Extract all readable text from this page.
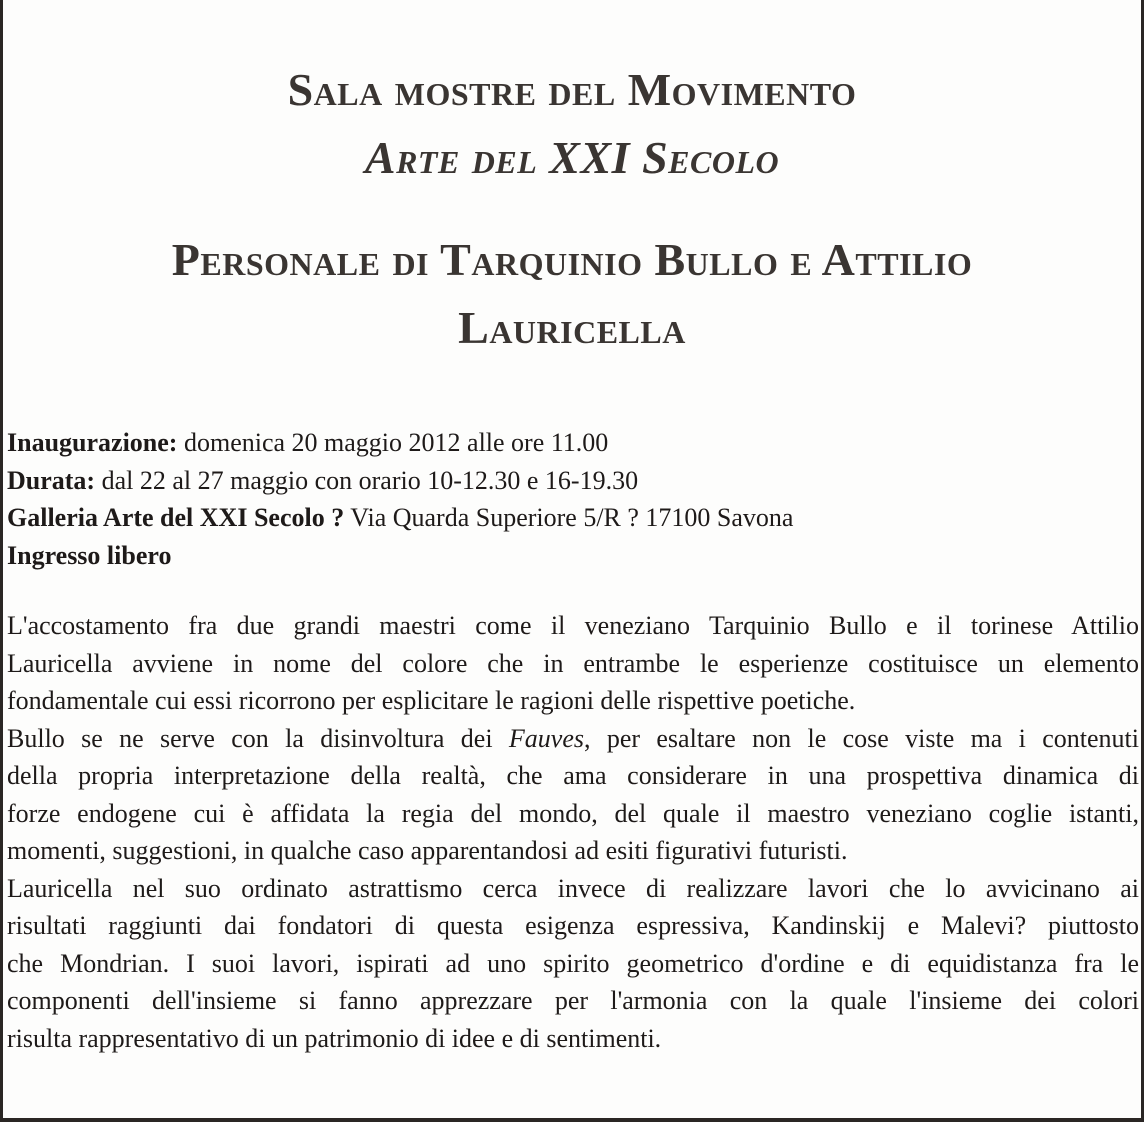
Sala mostre del Movimento
Arte del XXI Secolo
Personale di Tarquinio Bullo e Attilio
Lauricella
Inaugurazione: domenica 20 maggio 2012 alle ore 11.00
Durata: dal 22 al 27 maggio con orario 10-12.30 e 16-19.30
Galleria Arte del XXI Secolo ? Via Quarda Superiore 5/R ? 17100 Savona
Ingresso libero
L'accostamento fra due grandi maestri come il veneziano Tarquinio Bullo e il torinese Attilio
Lauricella avviene in nome del colore che in entrambe le esperienze costituisce un elemento
fondamentale cui essi ricorrono per esplicitare le ragioni delle rispettive poetiche.
Bullo se ne serve con la disinvoltura dei Fauves, per esaltare non le cose viste ma i contenuti
della propria interpretazione della realtà, che ama considerare in una prospettiva dinamica di
forze endogene cui è affidata la regia del mondo, del quale il maestro veneziano coglie istanti,
momenti, suggestioni, in qualche caso apparentandosi ad esiti figurativi futuristi.
Lauricella nel suo ordinato astrattismo cerca invece di realizzare lavori che lo avvicinano ai
risultati raggiunti dai fondatori di questa esigenza espressiva, Kandinskij e Malevi? piuttosto
che Mondrian. I suoi lavori, ispirati ad uno spirito geometrico d'ordine e di equidistanza fra le
componenti dell'insieme si fanno apprezzare per l'armonia con la quale l'insieme dei colori
risulta rappresentativo di un patrimonio di idee e di sentimenti.
